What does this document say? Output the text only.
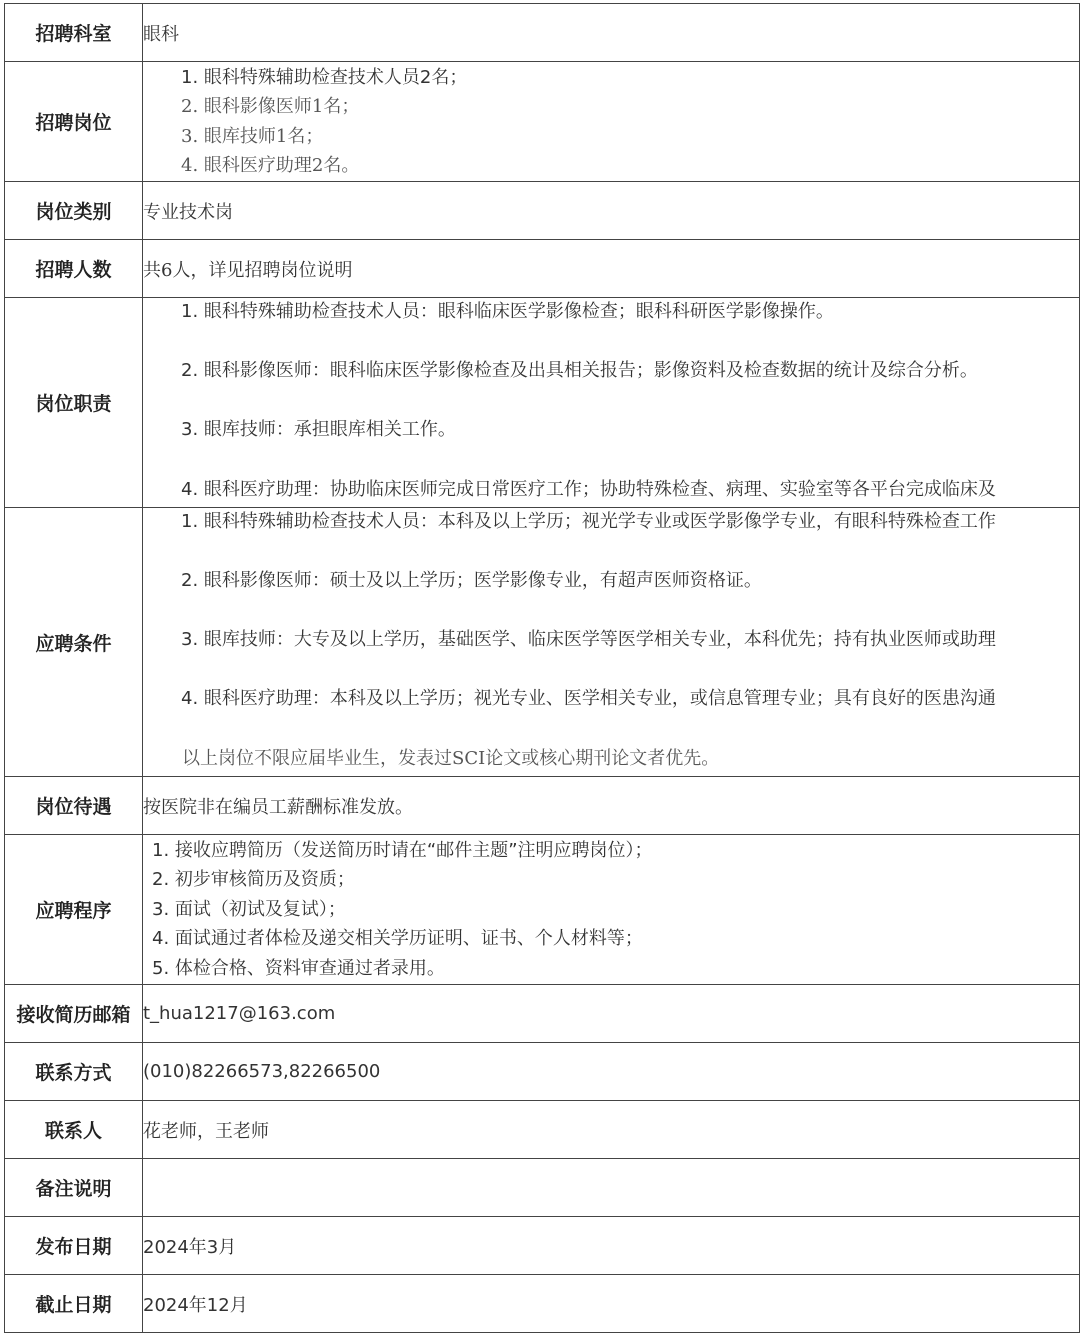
招聘科室	眼科
招聘岗位	1. 眼科特殊辅助检查技术人员2名；
2. 眼科影像医师1名；
3. 眼库技师1名；
4. 眼科医疗助理2名。

岗位类别	专业技术岗
招聘人数	共6人，详见招聘岗位说明
岗位职责	1. 眼科特殊辅助检查技术人员：眼科临床医学影像检查；眼科科研医学影像操作。
2. 眼科影像医师：眼科临床医学影像检查及出具相关报告；影像资料及检查数据的统计及综合分析。
3. 眼库技师：承担眼库相关工作。
4. 眼科医疗助理：协助临床医师完成日常医疗工作；协助特殊检查、病理、实验室等各平台完成临床及

应聘条件	1. 眼科特殊辅助检查技术人员：本科及以上学历；视光学专业或医学影像学专业，有眼科特殊检查工作
2. 眼科影像医师：硕士及以上学历；医学影像专业，有超声医师资格证。
3. 眼库技师：大专及以上学历，基础医学、临床医学等医学相关专业，本科优先；持有执业医师或助理
4. 眼科医疗助理：本科及以上学历；视光专业、医学相关专业，或信息管理专业；具有良好的医患沟通
以上岗位不限应届毕业生，发表过SCI论文或核心期刊论文者优先。

岗位待遇	按医院非在编员工薪酬标准发放。
应聘程序	1. 接收应聘简历（发送简历时请在“邮件主题”注明应聘岗位）；
2. 初步审核简历及资质；
3. 面试（初试及复试）；
4. 面试通过者体检及递交相关学历证明、证书、个人材料等；
5. 体检合格、资料审查通过者录用。

接收简历邮箱	t_hua1217@163.com
联系方式	(010)82266573,82266500
联系人	花老师，王老师
备注说明	
发布日期	2024年3月
截止日期	2024年12月
